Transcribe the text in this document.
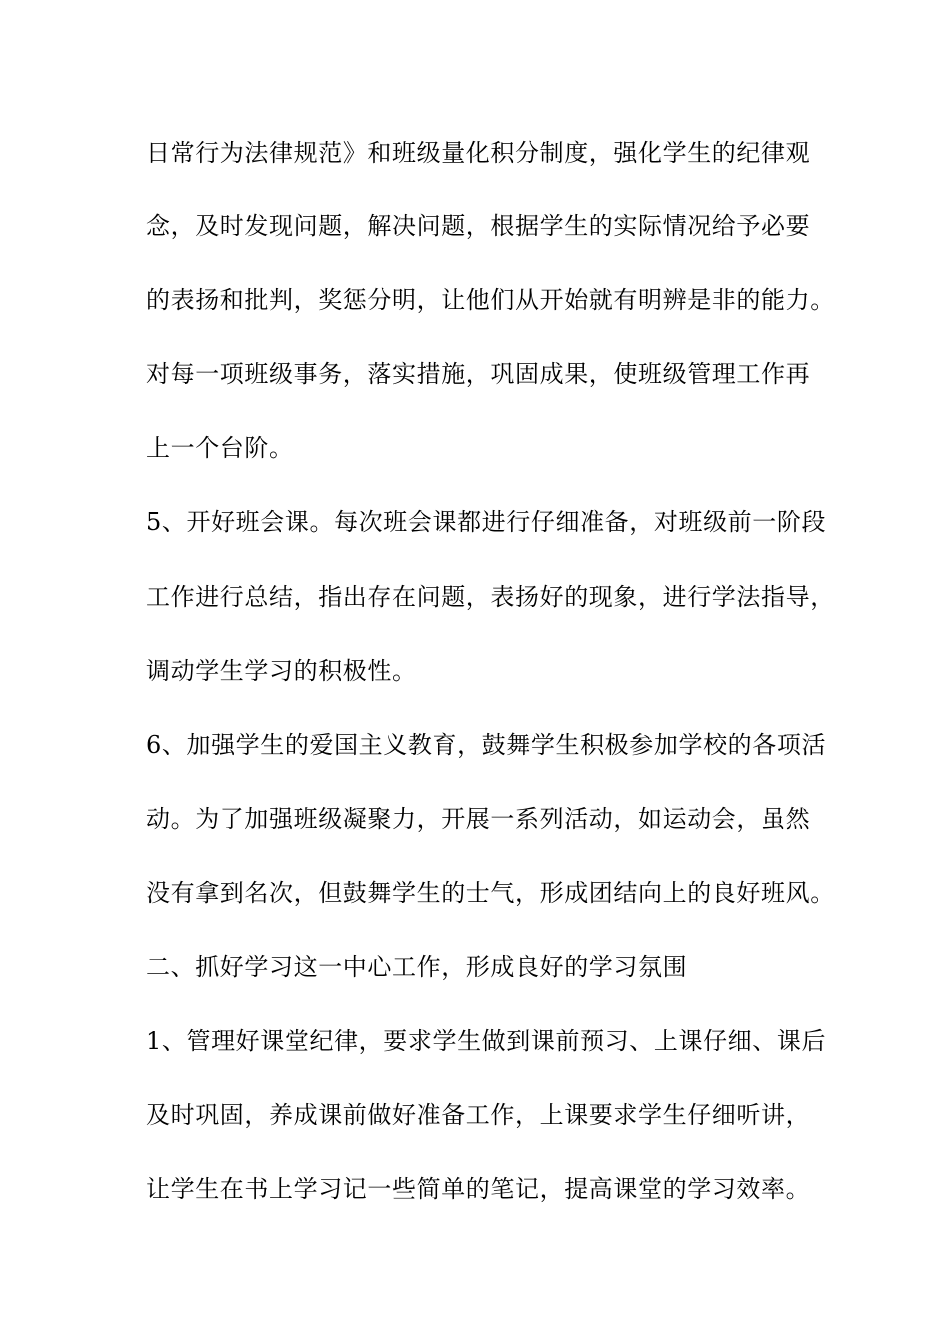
日常行为法律规范》和班级量化积分制度，强化学生的纪律观
念，及时发现问题，解决问题，根据学生的实际情况给予必要
的表扬和批判，奖惩分明，让他们从开始就有明辨是非的能力。
对每一项班级事务，落实措施，巩固成果，使班级管理工作再
上一个台阶。
5、开好班会课。每次班会课都进行仔细准备，对班级前一阶段
工作进行总结，指出存在问题，表扬好的现象，进行学法指导，
调动学生学习的积极性。
6、加强学生的爱国主义教育，鼓舞学生积极参加学校的各项活
动。为了加强班级凝聚力，开展一系列活动，如运动会，虽然
没有拿到名次，但鼓舞学生的士气，形成团结向上的良好班风。
二、抓好学习这一中心工作，形成良好的学习氛围
1、管理好课堂纪律，要求学生做到课前预习、上课仔细、课后
及时巩固，养成课前做好准备工作，上课要求学生仔细听讲，
让学生在书上学习记一些简单的笔记，提高课堂的学习效率。
